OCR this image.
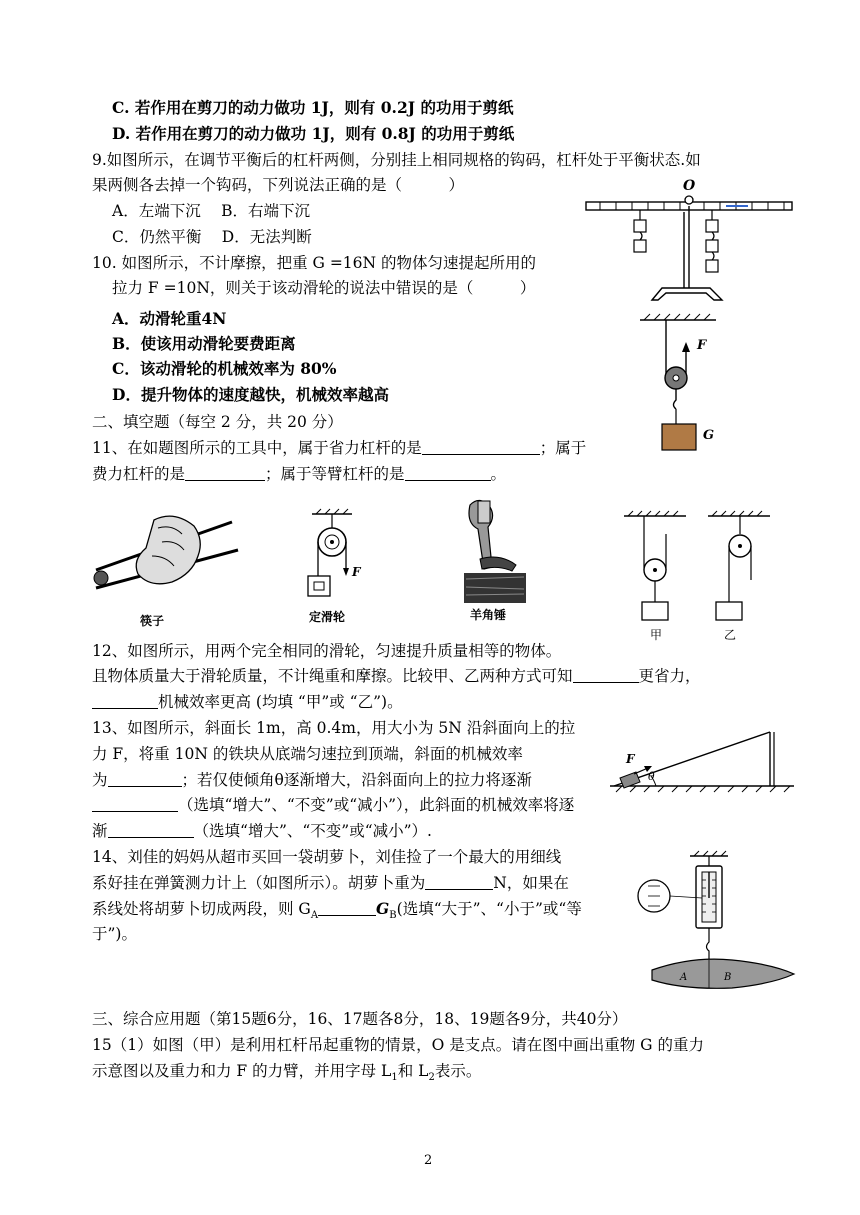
C. 若作用在剪刀的动力做功 1J，则有 0.2J 的功用于剪纸
D. 若作用在剪刀的动力做功 1J，则有 0.8J 的功用于剪纸
9.如图所示，在调节平衡后的杠杆两侧，分别挂上相同规格的钩码，杠杆处于平衡状态.如
果两侧各去掉一个钩码，下列说法正确的是（　　　）
A．左端下沉　 B．右端下沉
C．仍然平衡　 D．无法判断
O
10. 如图所示，不计摩擦，把重 G =16N 的物体匀速提起所用的
拉力 F =10N，则关于该动滑轮的说法中错误的是（　　　）
A．动滑轮重4N
B．使该用动滑轮要费距离
C．该动滑轮的机械效率为 80%
D．提升物体的速度越快，机械效率越高
F
G
二、填空题（每空 2 分，共 20 分）
11、在如题图所示的工具中，属于省力杠杆的是	；属于
费力杠杆的是	；属于等臂杠杆的是	。
筷子
F
定滑轮	羊角锤
甲	乙
12、如图所示，用两个完全相同的滑轮，匀速提升质量相等的物体。
且物体质量大于滑轮质量，不计绳重和摩擦。比较甲、乙两种方式可知	更省力，
机械效率更高 (均填 “甲”或 “乙”)。
13、如图所示，斜面长 1m，高 0.4m，用大小为 5N 沿斜面向上的拉
力 F，将重 10N 的铁块从底端匀速拉到顶端，斜面的机械效率
为	；若仅使倾角θ逐渐增大，沿斜面向上的拉力将逐渐
（选填“增大”、“不变”或“减小”），此斜面的机械效率将逐
渐	（选填“增大”、“不变”或“减小”）.
F
θ
14、刘佳的妈妈从超市买回一袋胡萝卜，刘佳捡了一个最大的用细线
系好挂在弹簧测力计上（如图所示）。胡萝卜重为	N，如果在
系线处将胡萝卜切成两段，则 $G_A$	$G_B$(选填“大于”、“小于”或“等
于”)。
A	B
三、综合应用题（第15题6分，16、17题各8分，18、19题各9分，共40分）
15（1）如图（甲）是利用杠杆吊起重物的情景，O 是支点。请在图中画出重物 G 的重力
示意图以及重力和力 F 的力臂，并用字母 $L_1$和 $L_2$表示。
2
